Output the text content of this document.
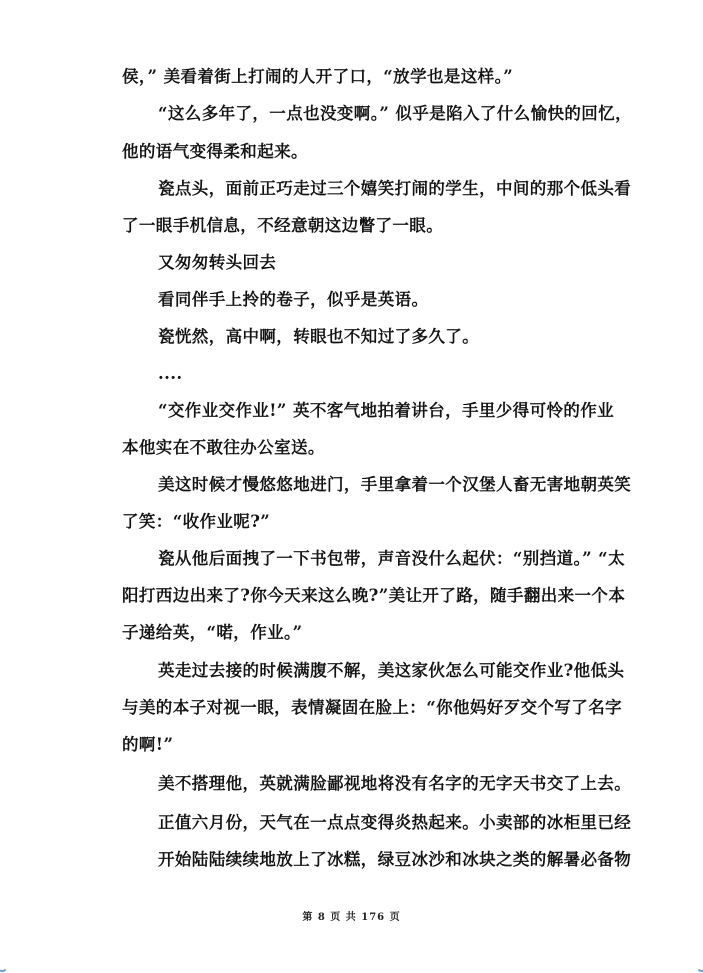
侯，” 美看着街上打闹的人开了口，“放学也是这样。”
“这么多年了，一点也没变啊。” 似乎是陷入了什么愉快的回忆，
他的语气变得柔和起来。
瓷点头，面前正巧走过三个嬉笑打闹的学生，中间的那个低头看
了一眼手机信息，不经意朝这边瞥了一眼。
又匆匆转头回去
看同伴手上拎的卷子，似乎是英语。
瓷恍然，高中啊，转眼也不知过了多久了。
....
“交作业交作业!” 英不客气地拍着讲台，手里少得可怜的作业
本他实在不敢往办公室送。
美这时候才慢悠悠地进门，手里拿着一个汉堡人畜无害地朝英笑
了笑：“收作业呢?”
瓷从他后面拽了一下书包带，声音没什么起伏：“别挡道。” “太
阳打西边出来了?你今天来这么晚?”美让开了路，随手翻出来一个本
子递给英，“喏，作业。”
英走过去接的时候满腹不解，美这家伙怎么可能交作业?他低头
与美的本子对视一眼，表情凝固在脸上：“你他妈好歹交个写了名字
的啊!”
美不搭理他，英就满脸鄙视地将没有名字的无字天书交了上去。
正值六月份，天气在一点点变得炎热起来。小卖部的冰柜里已经
开始陆陆续续地放上了冰糕，绿豆冰沙和冰块之类的解暑必备物
第 8 页 共 176 页
